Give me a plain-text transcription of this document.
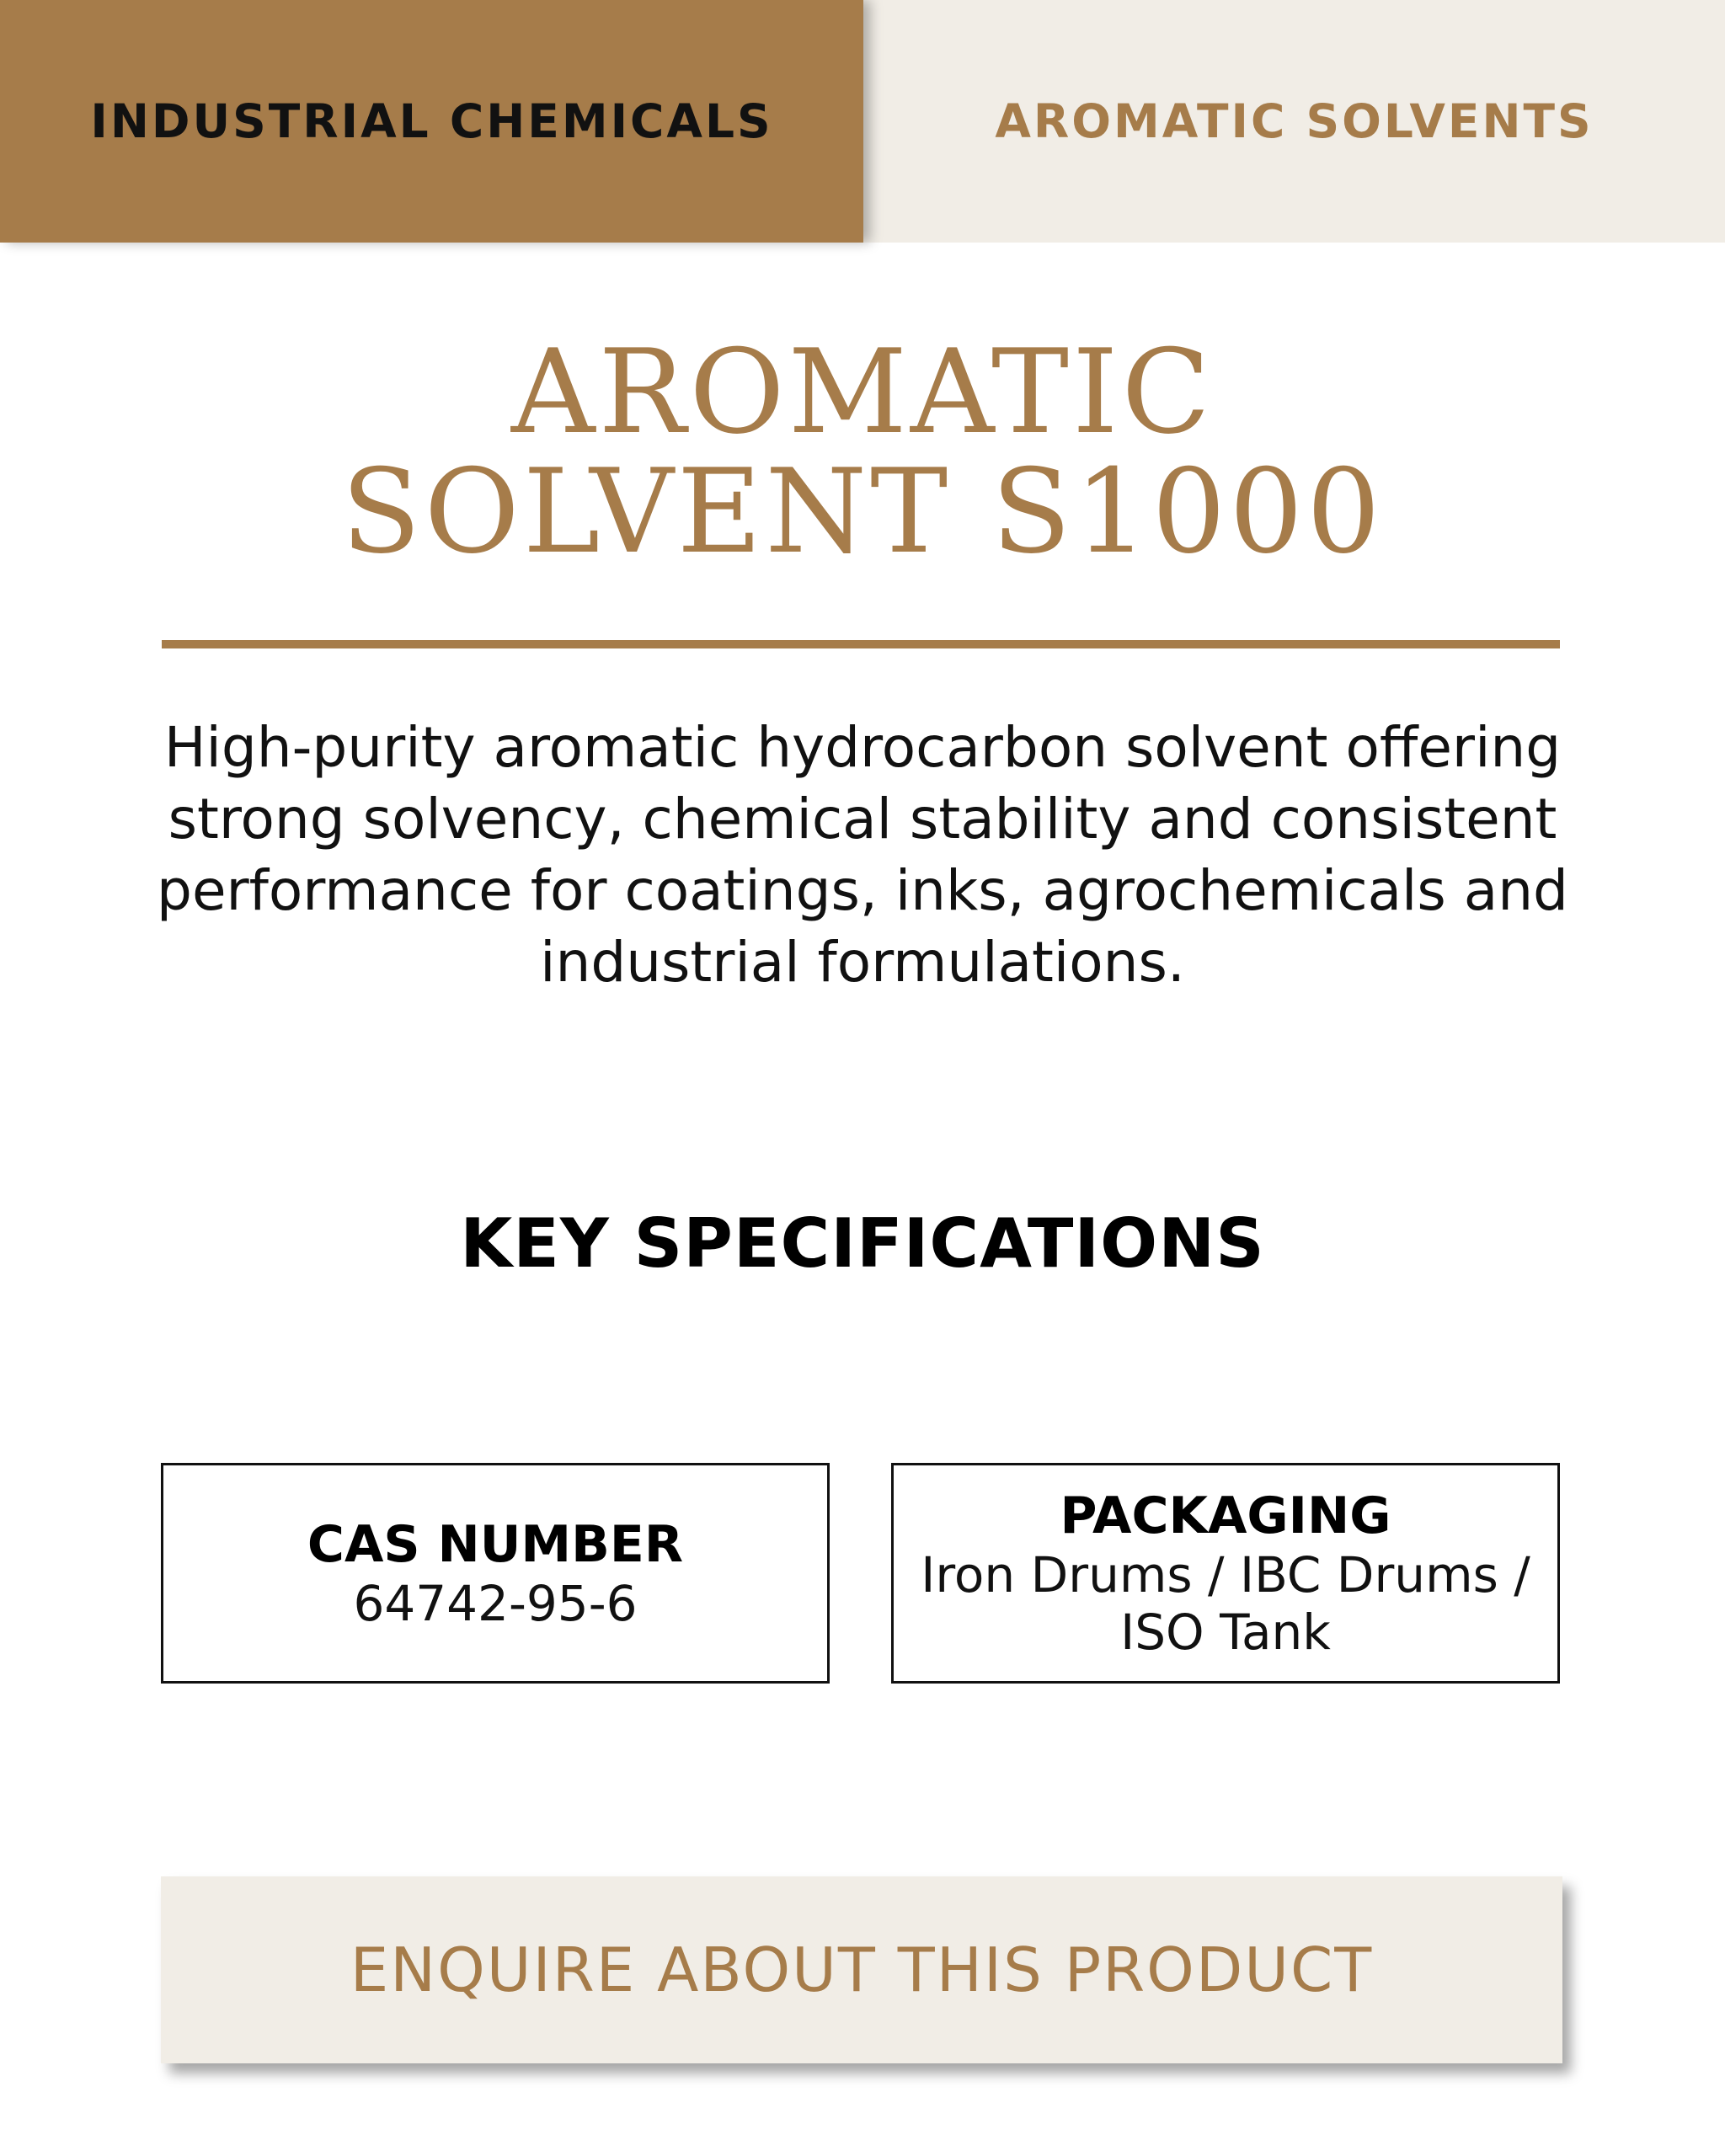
INDUSTRIAL CHEMICALS	AROMATIC SOLVENTS
AROMATIC
SOLVENT S1000

High-purity aromatic hydrocarbon solvent offering strong solvency, chemical stability and consistent performance for coatings, inks, agrochemicals and industrial formulations.

KEY SPECIFICATIONS
CAS NUMBER
64742-95-6
PACKAGING
Iron Drums / IBC Drums / ISO Tank
ENQUIRE ABOUT THIS PRODUCT
